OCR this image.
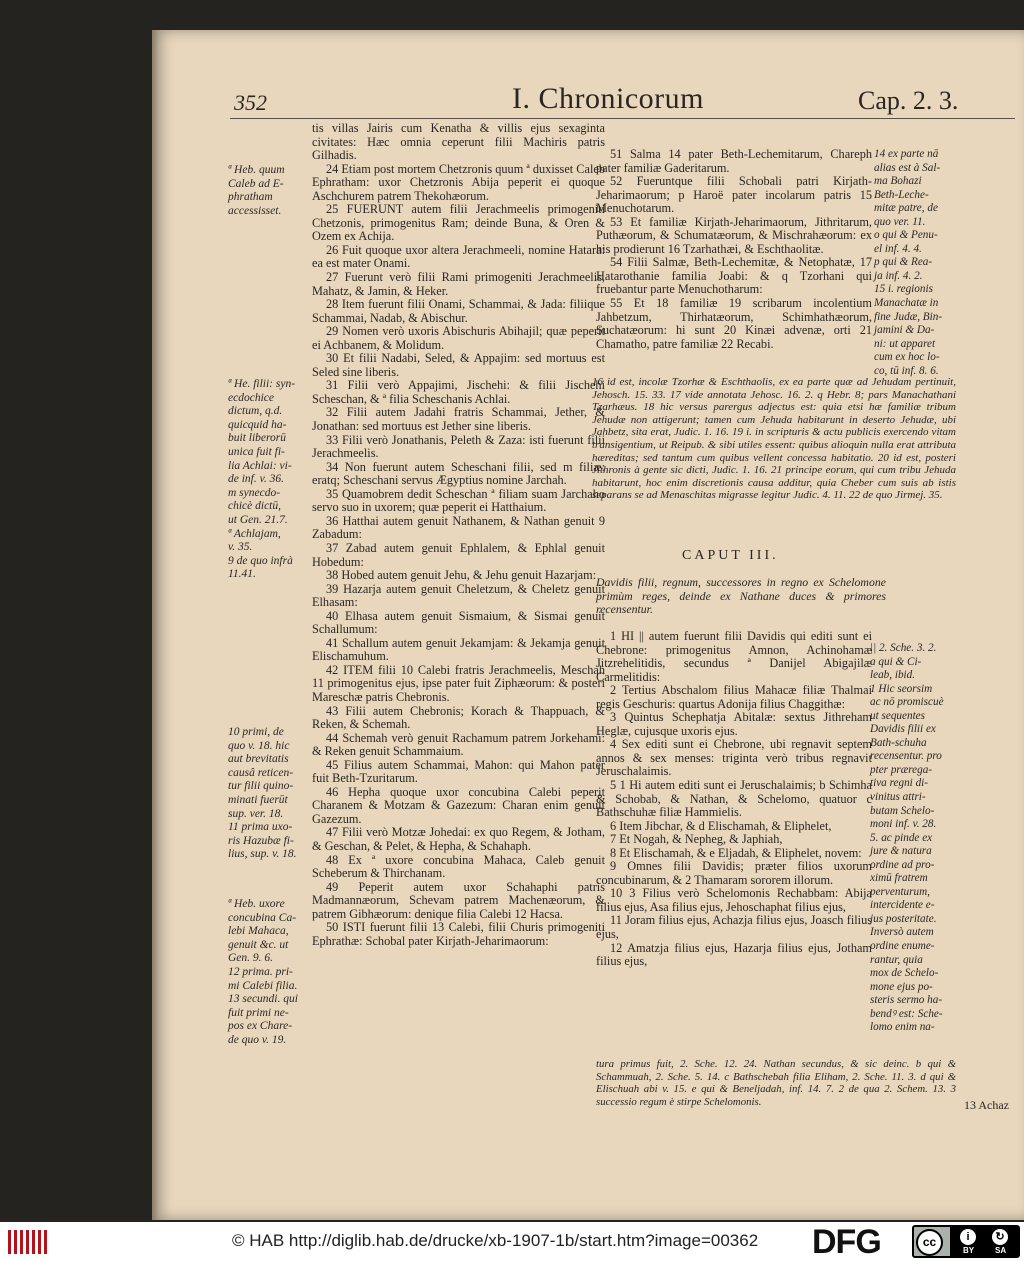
352	I. Chronicorum	Cap. 2. 3.
ª Heb. quum
Caleb ad E-
phratham
accessisset.
ª He. filii: syn-
ecdochice
dictum, q.d.
quicquid ha-
buit liberorū
unica fuit fi-
lia Achlai: vi-
de inf. v. 36.
m synecdo-
chicè dictū,
ut Gen. 21.7.
ª Achlajam,
v. 35.
9 de quo infrà
11.41.
10 primi, de
quo v. 18. hic
aut brevitatis
causâ reticen-
tur filii quino-
minati fuerūt
sup. ver. 18.
11 prima uxo-
ris Hazubæ fi-
lius, sup. v. 18.
ª Heb. uxore
concubina Ca-
lebi Mahaca,
genuit &c. ut
Gen. 9. 6.
12 prima. pri-
mi Calebi filia.
13 secundi. qui
fuit primi ne-
pos ex Chare-
de quo v. 19.

tis villas Jairis cum Kenatha & villis ejus sexaginta civitates: Hæc omnia ceperunt filii Machiris patris Gilhadis.

24 Etiam post mortem Chetzronis quum ª duxisset Caleb Ephratham: uxor Chetzronis Abija peperit ei quoque Aschchurem patrem Thekohæorum.

25 FUERUNT autem filii Jerachmeelis primogeniti Chetzonis, primogenitus Ram; deinde Buna, & Oren & Ozem ex Achija.

26 Fuit quoque uxor altera Jerachmeeli, nomine Hatara: ea est mater Onami.

27 Fuerunt verò filii Rami primogeniti Jerachmeelis, Mahatz, & Jamin, & Heker.

28 Item fuerunt filii Onami, Schammai, & Jada: filiique Schammai, Nadab, & Abischur.

29 Nomen verò uxoris Abischuris Abihajil; quæ peperit ei Achbanem, & Molidum.

30 Et filii Nadabi, Seled, & Appajim: sed mortuus est Seled sine liberis.

31 Filii verò Appajimi, Jischehi: & filii Jischehi Scheschan, & ª filia Scheschanis Achlai.

32 Filii autem Jadahi fratris Schammai, Jether, & Jonathan: sed mortuus est Jether sine liberis.

33 Filii verò Jonathanis, Peleth & Zaza: isti fuerunt filii Jerachmeelis.

34 Non fuerunt autem Scheschani filii, sed m filiæ: eratq; Scheschani servus Ægyptius nomine Jarchah.

35 Quamobrem dedit Scheschan ª filiam suam Jarchaho servo suo in uxorem; quæ peperit ei Hatthaium.

36 Hatthai autem genuit Nathanem, & Nathan genuit 9 Zabadum:

37 Zabad autem genuit Ephlalem, & Ephlal genuit Hobedum:

38 Hobed autem genuit Jehu, & Jehu genuit Hazarjam:

39 Hazarja autem genuit Cheletzum, & Cheletz genuit Elhasam:

40 Elhasa autem genuit Sismaium, & Sismai genuit Schallumum:

41 Schallum autem genuit Jekamjam: & Jekamja genuit Elischamuhum.

42 ITEM filii 10 Calebi fratris Jerachmeelis, Meschah 11 primogenitus ejus, ipse pater fuit Ziphæorum: & posteri Mareschæ patris Chebronis.

43 Filii autem Chebronis; Korach & Thappuach, & Reken, & Schemah.

44 Schemah verò genuit Rachamum patrem Jorkehami: & Reken genuit Schammaium.

45 Filius autem Schammai, Mahon: qui Mahon pater fuit Beth-Tzuritarum.

46 Hepha quoque uxor concubina Calebi peperit Charanem & Motzam & Gazezum: Charan enim genuit Gazezum.

47 Filii verò Motzæ Johedai: ex quo Regem, & Jotham, & Geschan, & Pelet, & Hepha, & Schahaph.

48 Ex ª uxore concubina Mahaca, Caleb genuit Scheberum & Thirchanam.

49 Peperit autem uxor Schahaphi patris Madmannæorum, Schevam patrem Machenæorum, & patrem Gibhæorum: denique filia Calebi 12 Hacsa.

50 ISTI fuerunt filii 13 Calebi, filii Churis primogeniti Ephrathæ: Schobal pater Kirjath-Jeharimaorum:

51 Salma 14 pater Beth-Lechemitarum, Chareph pater familiæ Gaderitarum.

52 Fueruntque filii Schobali patri Kirjath-Jeharimaorum; p Haroë pater incolarum patris 15 Menuchotarum.

53 Et familiæ Kirjath-Jeharimaorum, Jithritarum, Puthæorum, & Schumatæorum, & Mischrahæorum: ex his prodierunt 16 Tzarhathæi, & Eschthaolitæ.

54 Filii Salmæ, Beth-Lechemitæ, & Netophatæ, 17 Hatarothanie familia Joabi: & q Tzorhani qui fruebantur parte Menuchotharum:

55 Et 18 familiæ 19 scribarum incolentium Jahbetzum, Thirhatæorum, Schimhathæorum, Suchatæorum: hi sunt 20 Kinæi advenæ, orti 21 Chamatho, patre familiæ 22 Recabi.

14 ex parte nā
alias est à Sal-
ma Bohazi
Beth-Leche-
mitæ patre, de
quo ver. 11.
o qui & Penu-
el inf. 4. 4.
p qui & Rea-
ja inf. 4. 2.
15 i. regionis
Manachatæ in
fine Judæ, Bin-
jamini & Da-
ni: ut apparet
cum ex hoc lo-
co, tū inf. 8. 6.
16 id est, incolæ Tzorhæ & Eschthaolis, ex ea parte quæ ad Jehudam pertinuit, Jehosch. 15. 33. 17 vide annotata Jehosc. 16. 2. q Hebr. 8; pars Manachathani Tzarhæus. 18 hic versus parergus adjectus est: quia etsi hæ familiæ tribum Jehudæ non attigerunt; tamen cum Jehuda habitarunt in deserto Jehudæ, ubi Jahbetz, sita erat, Judic. 1. 16. 19 i. in scripturis & actu publicis exercendo vitam transigentium, ut Reipub. & sibi utiles essent: quibus alioquin nulla erat attributa hæreditas; sed tantum cum quibus vellent concessa habitatio. 20 id est, posteri Jithronis à gente sic dicti, Judic. 1. 16. 21 principe eorum, qui cum tribu Jehuda habitarunt, hoc enim discretionis causa additur, quia Cheber cum suis ab istis separans se ad Menaschitas migrasse legitur Judic. 4. 11. 22 de quo Jirmej. 35.
CAPUT III.
Davidis filii, regnum, successores in regno ex Schelomone primùm reges, deinde ex Nathane duces & primores recensentur.

1 HI || autem fuerunt filii Davidis qui editi sunt ei Chebrone: primogenitus Amnon, Achinohamæ Jitzrehelitidis, secundus ª Danijel Abigajilæ Carmelitidis:

2 Tertius Abschalom filius Mahacæ filiæ Thalmai regis Geschuris: quartus Adonija filius Chaggithæ:

3 Quintus Schephatja Abitalæ: sextus Jithreham Heglæ, cujusque uxoris ejus.

4 Sex editi sunt ei Chebrone, ubi regnavit septem annos & sex menses: triginta verò tribus regnavit Jeruschalaimis.

5 1 Hi autem editi sunt ei Jeruschalaimis; b Schimha & Schobab, & Nathan, & Schelomo, quatuor c Bathschuhæ filiæ Hammielis.

6 Item Jibchar, & d Elischamah, & Eliphelet,

7 Et Nogah, & Nepheg, & Japhiah,

8 Et Elischamah, & e Eljadah, & Eliphelet, novem:

9 Omnes filii Davidis; præter filios uxorum concubinarum, & 2 Thamaram sororem illorum.

10 3 Filius verò Schelomonis Rechabbam: Abija filius ejus, Asa filius ejus, Jehoschaphat filius ejus,

11 Joram filius ejus, Achazja filius ejus, Joasch filius ejus,

12 Amatzja filius ejus, Hazarja filius ejus, Jotham filius ejus,

|| 2. Sche. 3. 2.
a qui & Ci-
leab, ibid.
1 Hic seorsim
ac nō promiscuè
ut sequentes
Davidis filii ex
Bath-schuha
recensentur. pro
pter prærega-
tiva regni di-
vinitus attri-
butam Schelo-
moni inf. v. 28.
5. ac pinde ex
jure & natura
ordine ad pro-
ximū fratrem
perventurum,
intercidente e-
jus posteritate.
Inversò autem
ordine enume-
rantur, quia
mox de Schelo-
mone ejus po-
steris sermo ha-
bendꝰ est: Sche-
lomo enim na-
tura primus fuit, 2. Sche. 12. 24. Nathan secundus, & sic deinc. b qui & Schammuah, 2. Sche. 5. 14. c Bathschebah filia Eliham, 2. Sche. 11. 3. d qui & Elischuah abi v. 15. e qui & Beneljadah, inf. 14. 7. 2 de qua 2. Schem. 13. 3 successio regum è stirpe Schelomonis.	13 Achaz
© HAB http://diglib.hab.de/drucke/xb-1907-1b/start.htm?image=00362 DFG	cc	i	↻
BY	SA
